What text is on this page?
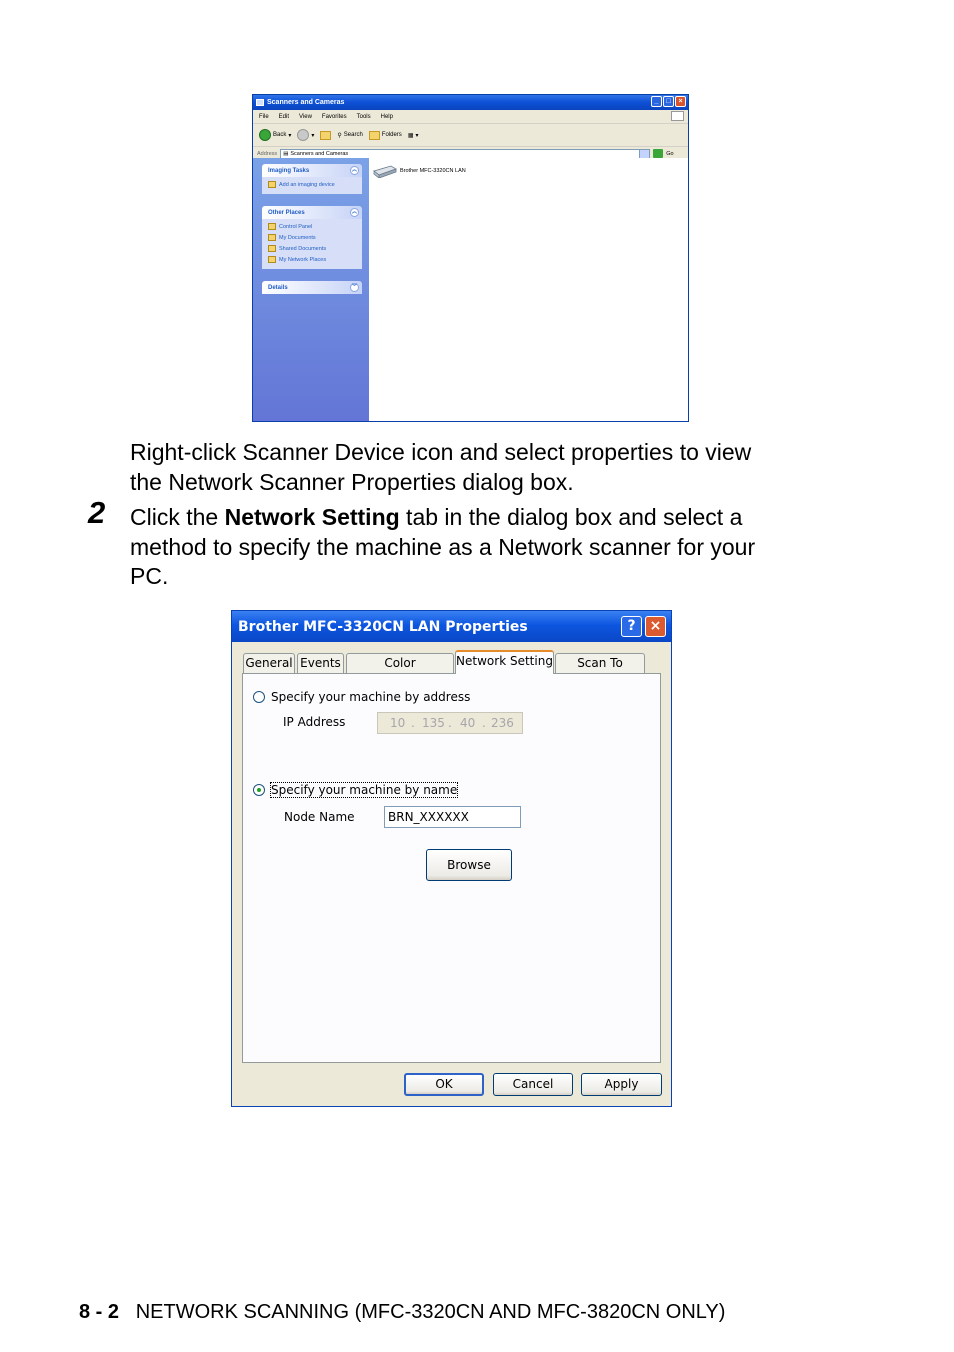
Scanners and Cameras	_	□	×
File Edit View Favorites Tools Help
Back ▾	▾	⚲ Search	Folders ▦ ▾
Address ▤ Scanners and Cameras	Go
Imaging Tasks	︽
Add an imaging device
Other Places	︽
Control Panel
My Documents
Shared Documents
My Network Places
Details	︾
Brother MFC-3320CN LAN
Right-click Scanner Device icon and select properties to view
the Network Scanner Properties dialog box.
2 Click the Network Setting tab in the dialog box and select a
method to specify the machine as a Network scanner for your
PC.
Brother MFC-3320CN LAN Properties	?	×
General Events	Color	Network Setting	Scan To
Specify your machine by address
IP Address	10 . 135 . 40 . 236
Specify your machine by name
Node Name	BRN_XXXXXX
Browse
OK	Cancel	Apply
8 - 2 NETWORK SCANNING (MFC-3320CN AND MFC-3820CN ONLY)
